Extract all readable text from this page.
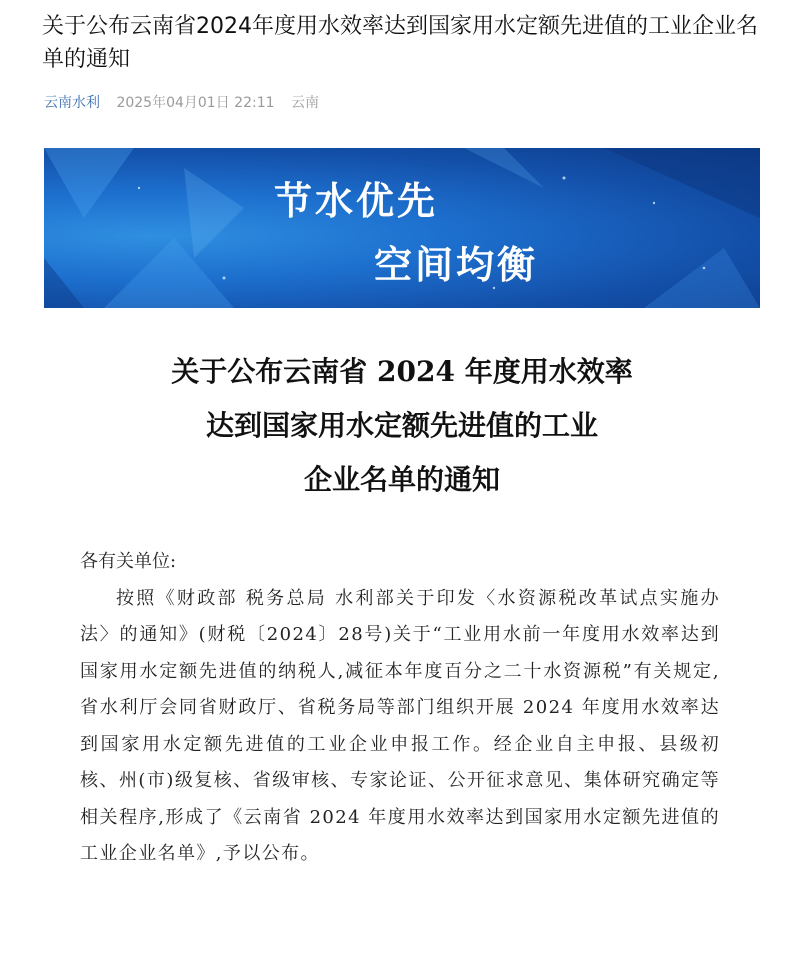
关于公布云南省2024年度用水效率达到国家用水定额先进值的工业企业名单的通知
云南水利 2025年04月01日 22:11 云南
节水优先
空间均衡
关于公布云南省 2024 年度用水效率
达到国家用水定额先进值的工业
企业名单的通知

各有关单位:

按照《财政部 税务总局 水利部关于印发〈水资源税改革试点实施办法〉的通知》(财税〔2024〕28号)关于“工业用水前一年度用水效率达到国家用水定额先进值的纳税人,减征本年度百分之二十水资源税”有关规定,省水利厅会同省财政厅、省税务局等部门组织开展 2024 年度用水效率达到国家用水定额先进值的工业企业申报工作。经企业自主申报、县级初核、州(市)级复核、省级审核、专家论证、公开征求意见、集体研究确定等相关程序,形成了《云南省 2024 年度用水效率达到国家用水定额先进值的工业企业名单》,予以公布。
